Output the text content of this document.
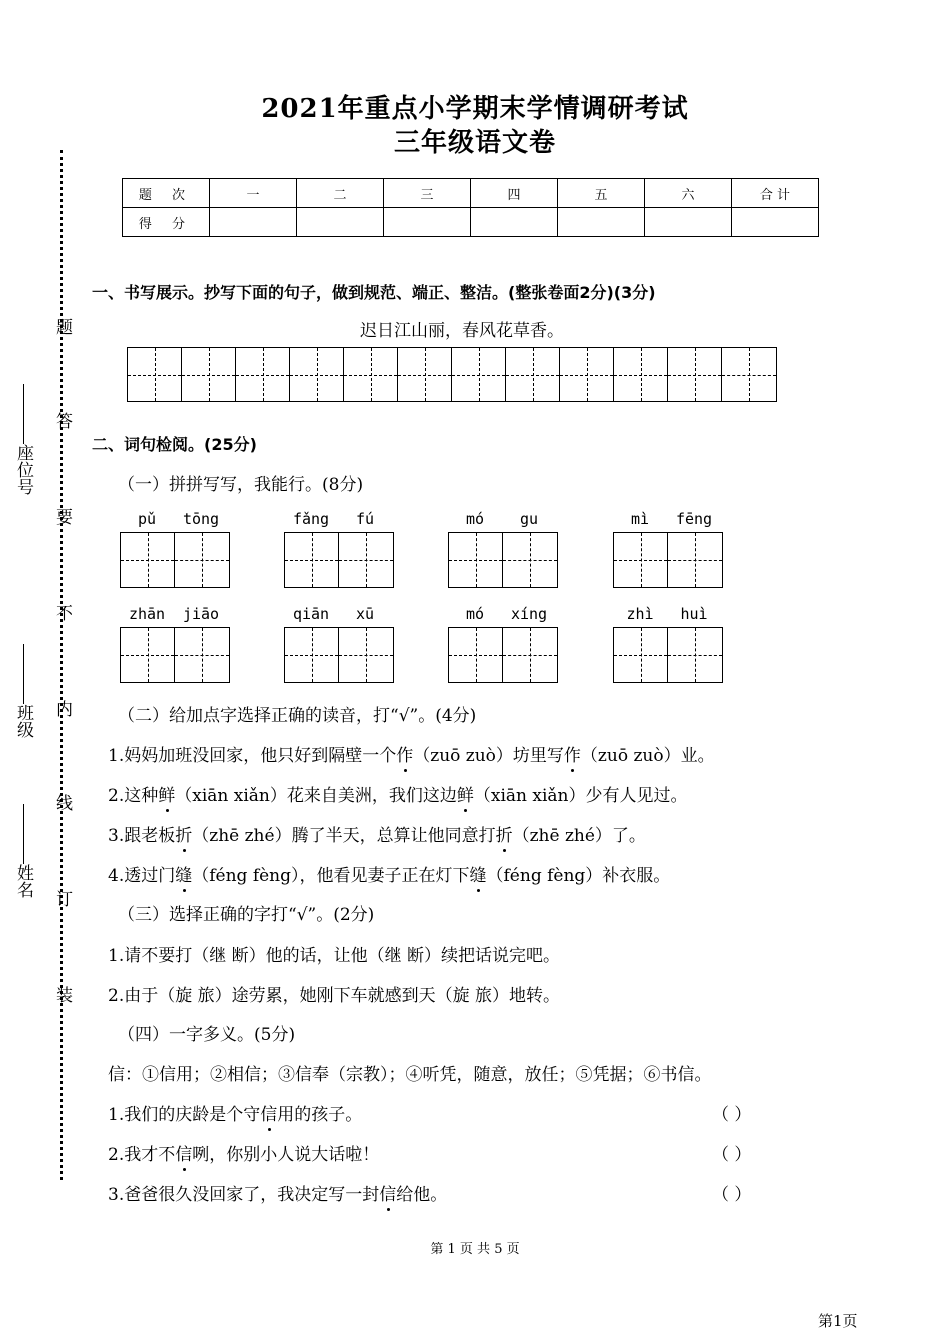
2021年重点小学期末学情调研考试
三年级语文卷
题
答
要
不
内
线
订
装
座位号
班级
姓名
题 次	一	二	三	四	五	六	合 计
得 分							
一、书写展示。抄写下面的句子，做到规范、端正、整洁。(整张卷面2分)(3分)
迟日江山丽，春风花草香。
二、词句检阅。(25分)
（一）拼拼写写，我能行。(8分)
pǔ	tōng	fǎng	fú	mó	gu	mì	fēng
zhān	jiāo	qiān	xū	mó	xíng	zhì	huì
（二）给加点字选择正确的读音，打“√”。(4分)
1.妈妈加班没回家，他只好到隔壁一个作（zuō zuò）坊里写作（zuō zuò）业。
2.这种鲜（xiān xiǎn）花来自美洲，我们这边鲜（xiān xiǎn）少有人见过。
3.跟老板折（zhē zhé）腾了半天，总算让他同意打折（zhē zhé）了。
4.透过门缝（féng fèng），他看见妻子正在灯下缝（féng fèng）补衣服。
（三）选择正确的字打“√”。(2分)
1.请不要打（继 断）他的话，让他（继 断）续把话说完吧。
2.由于（旋 旅）途劳累，她刚下车就感到天（旋 旅）地转。
（四）一字多义。(5分)
信：①信用；②相信；③信奉（宗教）；④听凭，随意，放任；⑤凭据；⑥书信。
1.我们的庆龄是个守信用的孩子。	（ ）
2.我才不信咧，你别小人说大话啦！	（ ）
3.爸爸很久没回家了，我决定写一封信给他。	（ ）
第 1 页 共 5 页
第1页
